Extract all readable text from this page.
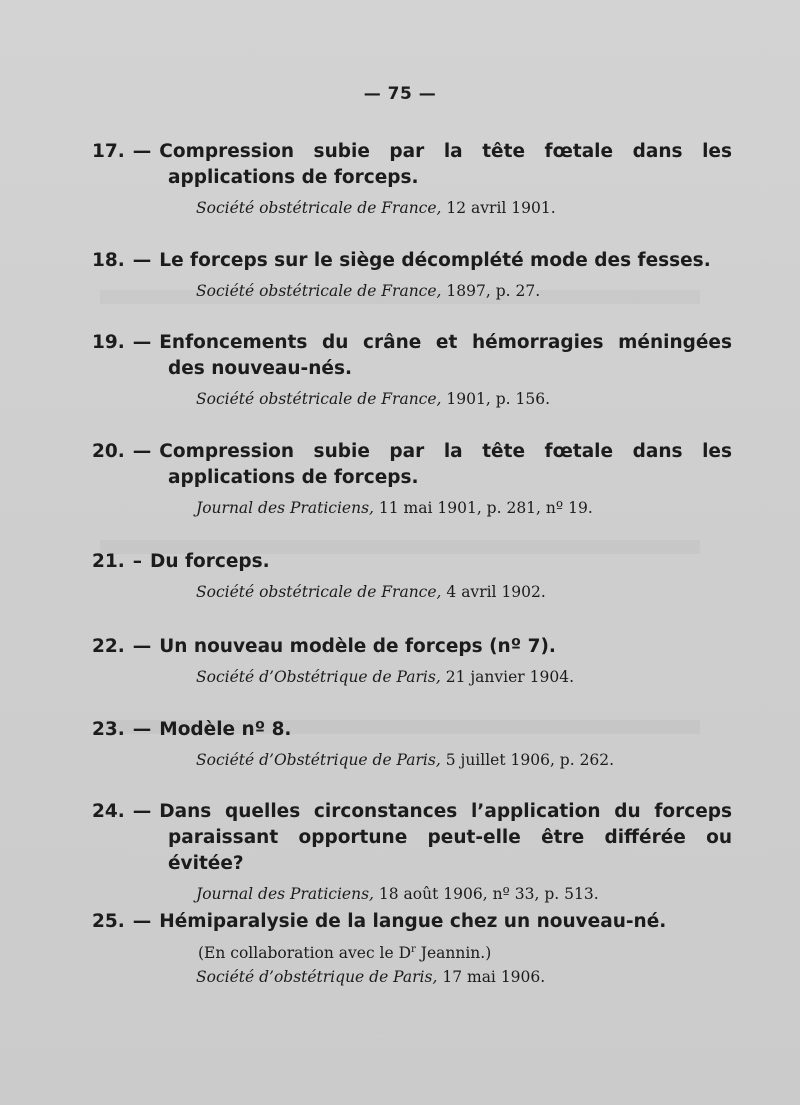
— 75 —
17. — Compression subie par la tête fœtale dans les applications de forceps.
Société obstétricale de France, 12 avril 1901.
18. — Le forceps sur le siège décomplété mode des fesses.
Société obstétricale de France, 1897, p. 27.
19. — Enfoncements du crâne et hémorragies méningées des nouveau-nés.
Société obstétricale de France, 1901, p. 156.
20. — Compression subie par la tête fœtale dans les applications de forceps.
Journal des Praticiens, 11 mai 1901, p. 281, nº 19.
21. – Du forceps.
Société obstétricale de France, 4 avril 1902.
22. — Un nouveau modèle de forceps (nº 7).
Société d’Obstétrique de Paris, 21 janvier 1904.
23. — Modèle nº 8.
Société d’Obstétrique de Paris, 5 juillet 1906, p. 262.
24. — Dans quelles circonstances l’application du forceps paraissant opportune peut-elle être différée ou évitée?
Journal des Praticiens, 18 août 1906, nº 33, p. 513.
25. — Hémiparalysie de la langue chez un nouveau-né.
(En collaboration avec le $D^r$ Jeannin.)
Société d’obstétrique de Paris, 17 mai 1906.
